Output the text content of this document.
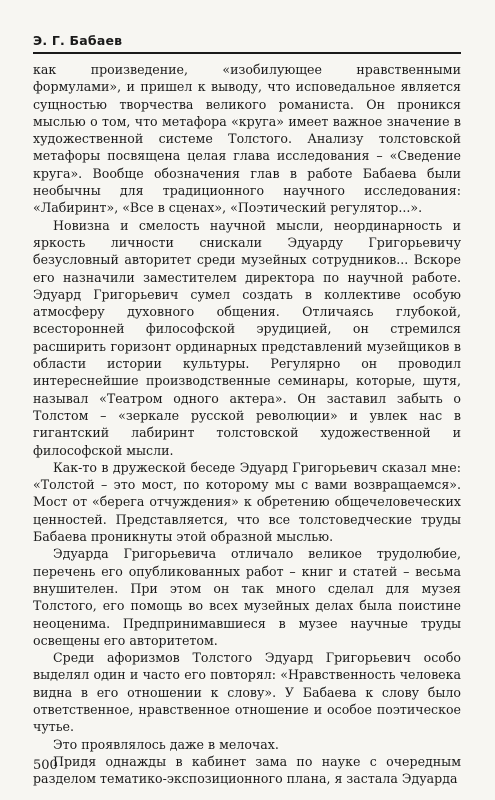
Э. Г. Бабаев

как произведение, «изобилующее нравственными формулами», и пришел к выводу, что исповедальное является сущностью творчества великого романиста. Он проникся мыслью о том, что метафора «круга» имеет важное значение в художественной системе Толстого. Анализу толстовской метафоры посвящена целая глава исследования – «Сведение круга». Вообще обозначения глав в работе Бабаева были необычны для традиционного научного исследования: «Лабиринт», «Все в сценах», «Поэтический регулятор...».

Новизна и смелость научной мысли, неординарность и яркость личности снискали Эдуарду Григорьевичу безусловный авторитет среди музейных сотрудников... Вскоре его назначили заместителем директора по научной работе. Эдуард Григорьевич сумел создать в коллективе особую атмосферу духовного общения. Отличаясь глубокой, всесторонней философской эрудицией, он стремился расширить горизонт ординарных представлений музейщиков в области истории культуры. Регулярно он проводил интереснейшие производственные семинары, которые, шутя, называл «Театром одного актера». Он заставил забыть о Толстом – «зеркале русской революции» и увлек нас в гигантский лабиринт толстовской художественной и философской мысли.

Как-то в дружеской беседе Эдуард Григорьевич сказал мне: «Толстой – это мост, по которому мы с вами возвращаемся». Мост от «берега отчуждения» к обретению общечеловеческих ценностей. Представляется, что все толстоведческие труды Бабаева проникнуты этой образной мыслью.

Эдуарда Григорьевича отличало великое трудолюбие, перечень его опубликованных работ – книг и статей – весьма внушителен. При этом он так много сделал для музея Толстого, его помощь во всех музейных делах была поистине неоценима. Предпринимавшиеся в музее научные труды освещены его авторитетом.

Среди афоризмов Толстого Эдуард Григорьевич особо выделял один и часто его повторял: «Нравственность человека видна в его отношении к слову». У Бабаева к слову было ответственное, нравственное отношение и особое поэтическое чутье.

Это проявлялось даже в мелочах.

Придя однажды в кабинет зама по науке с очередным разделом тематико-экспозиционного плана, я застала Эдуарда

500
